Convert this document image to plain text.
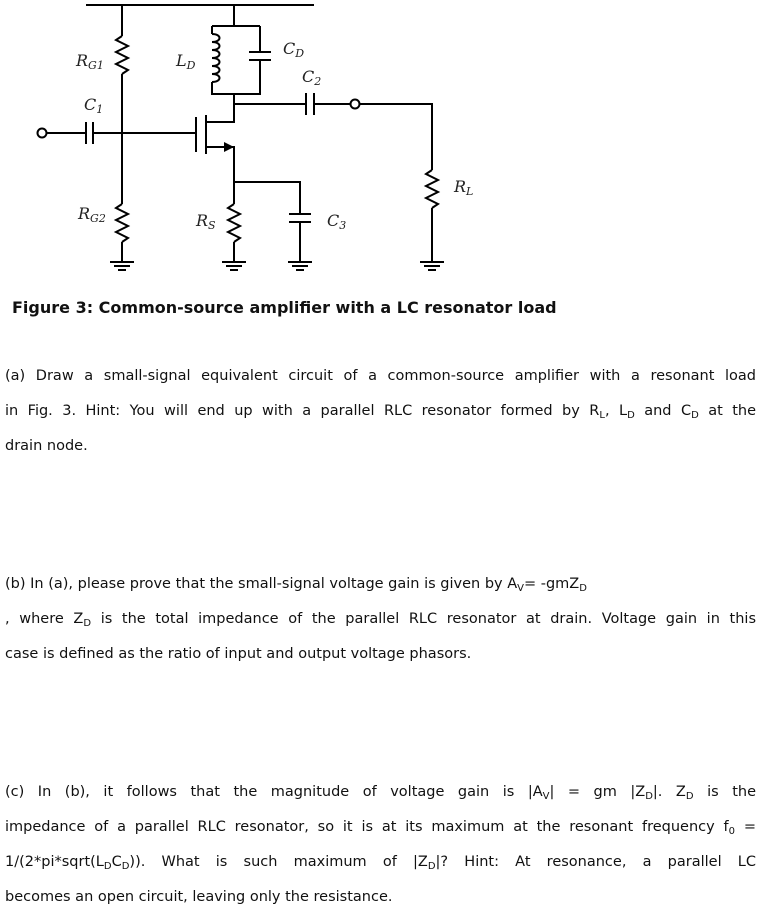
RG1
C1
LD
CD
C2
RL
RG2	RS	C3
Figure 3: Common-source amplifier with a LC resonator load
(a) Draw a small-signal equivalent circuit of a common-source amplifier with a resonant load
in Fig. 3. Hint: You will end up with a parallel RLC resonator formed by $R_L$, $L_D$ and $C_D$ at the
drain node.
(b) In (a), please prove that the small-signal voltage gain is given by $A_V= -gmZ_D$
, where $Z_D$ is the total impedance of the parallel RLC resonator at drain. Voltage gain in this
case is defined as the ratio of input and output voltage phasors.
(c) In (b), it follows that the magnitude of voltage gain is $|A_V|$ = gm $|Z_D|$. $Z_D$ is the
impedance of a parallel RLC resonator, so it is at its maximum at the resonant frequency $f_0$ =
$1/(2*pi*sqrt(L_DC_D))$. What is such maximum of $|Z_D|$? Hint: At resonance, a parallel LC
becomes an open circuit, leaving only the resistance.
